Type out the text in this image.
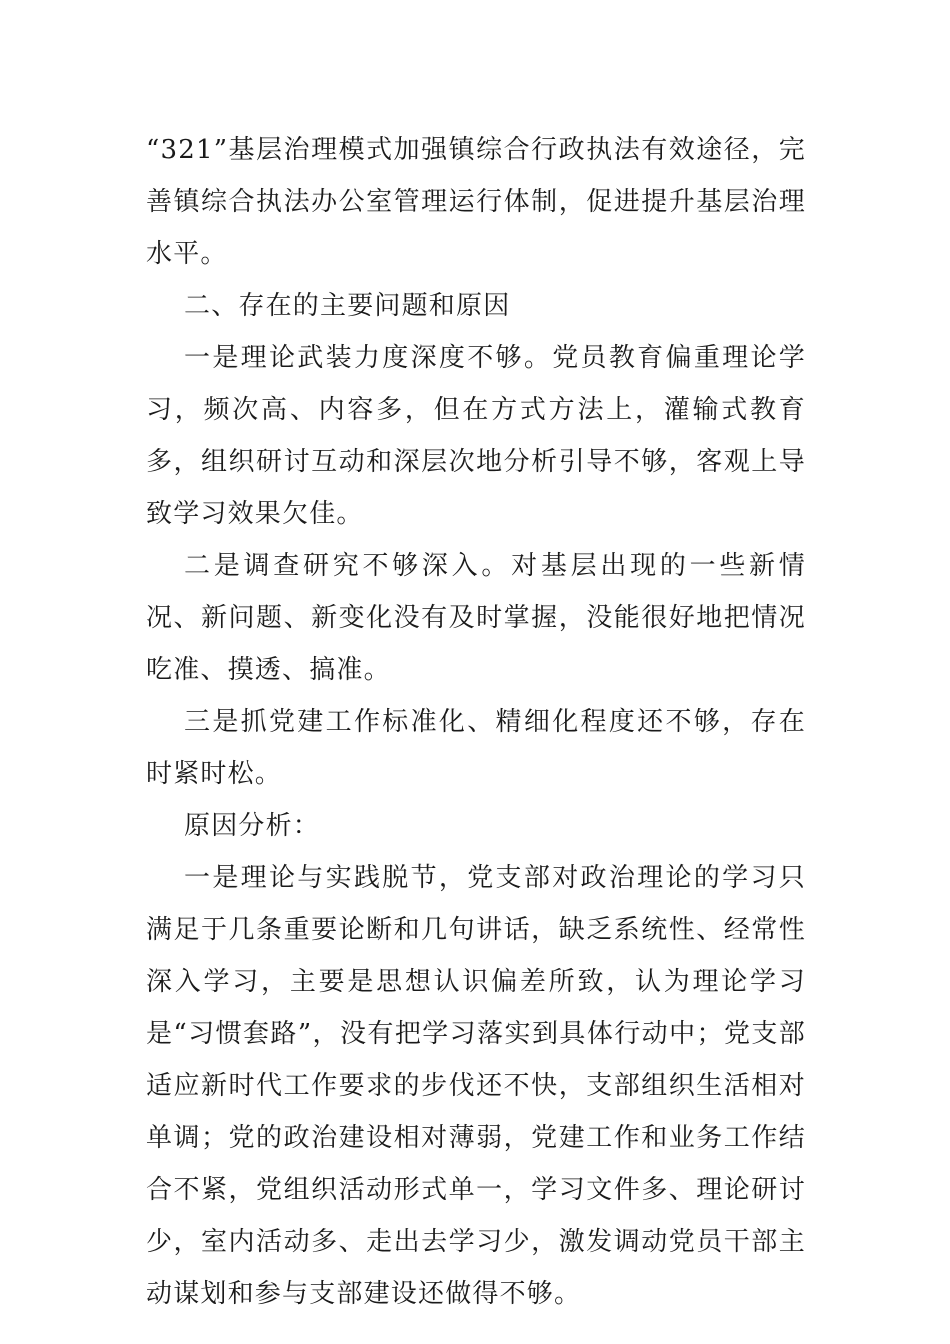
“321”基层治理模式加强镇综合行政执法有效途径，完善镇综合执法办公室管理运行体制，促进提升基层治理水平。

二、存在的主要问题和原因

一是理论武装力度深度不够。党员教育偏重理论学习，频次高、内容多，但在方式方法上，灌输式教育多，组织研讨互动和深层次地分析引导不够，客观上导致学习效果欠佳。

二是调查研究不够深入。对基层出现的一些新情况、新问题、新变化没有及时掌握，没能很好地把情况吃准、摸透、搞准。

三是抓党建工作标准化、精细化程度还不够，存在时紧时松。

原因分析：

一是理论与实践脱节，党支部对政治理论的学习只满足于几条重要论断和几句讲话，缺乏系统性、经常性深入学习，主要是思想认识偏差所致，认为理论学习是“习惯套路”，没有把学习落实到具体行动中；党支部适应新时代工作要求的步伐还不快，支部组织生活相对单调；党的政治建设相对薄弱，党建工作和业务工作结合不紧，党组织活动形式单一，学习文件多、理论研讨少，室内活动多、走出去学习少，激发调动党员干部主动谋划和参与支部建设还做得不够。
